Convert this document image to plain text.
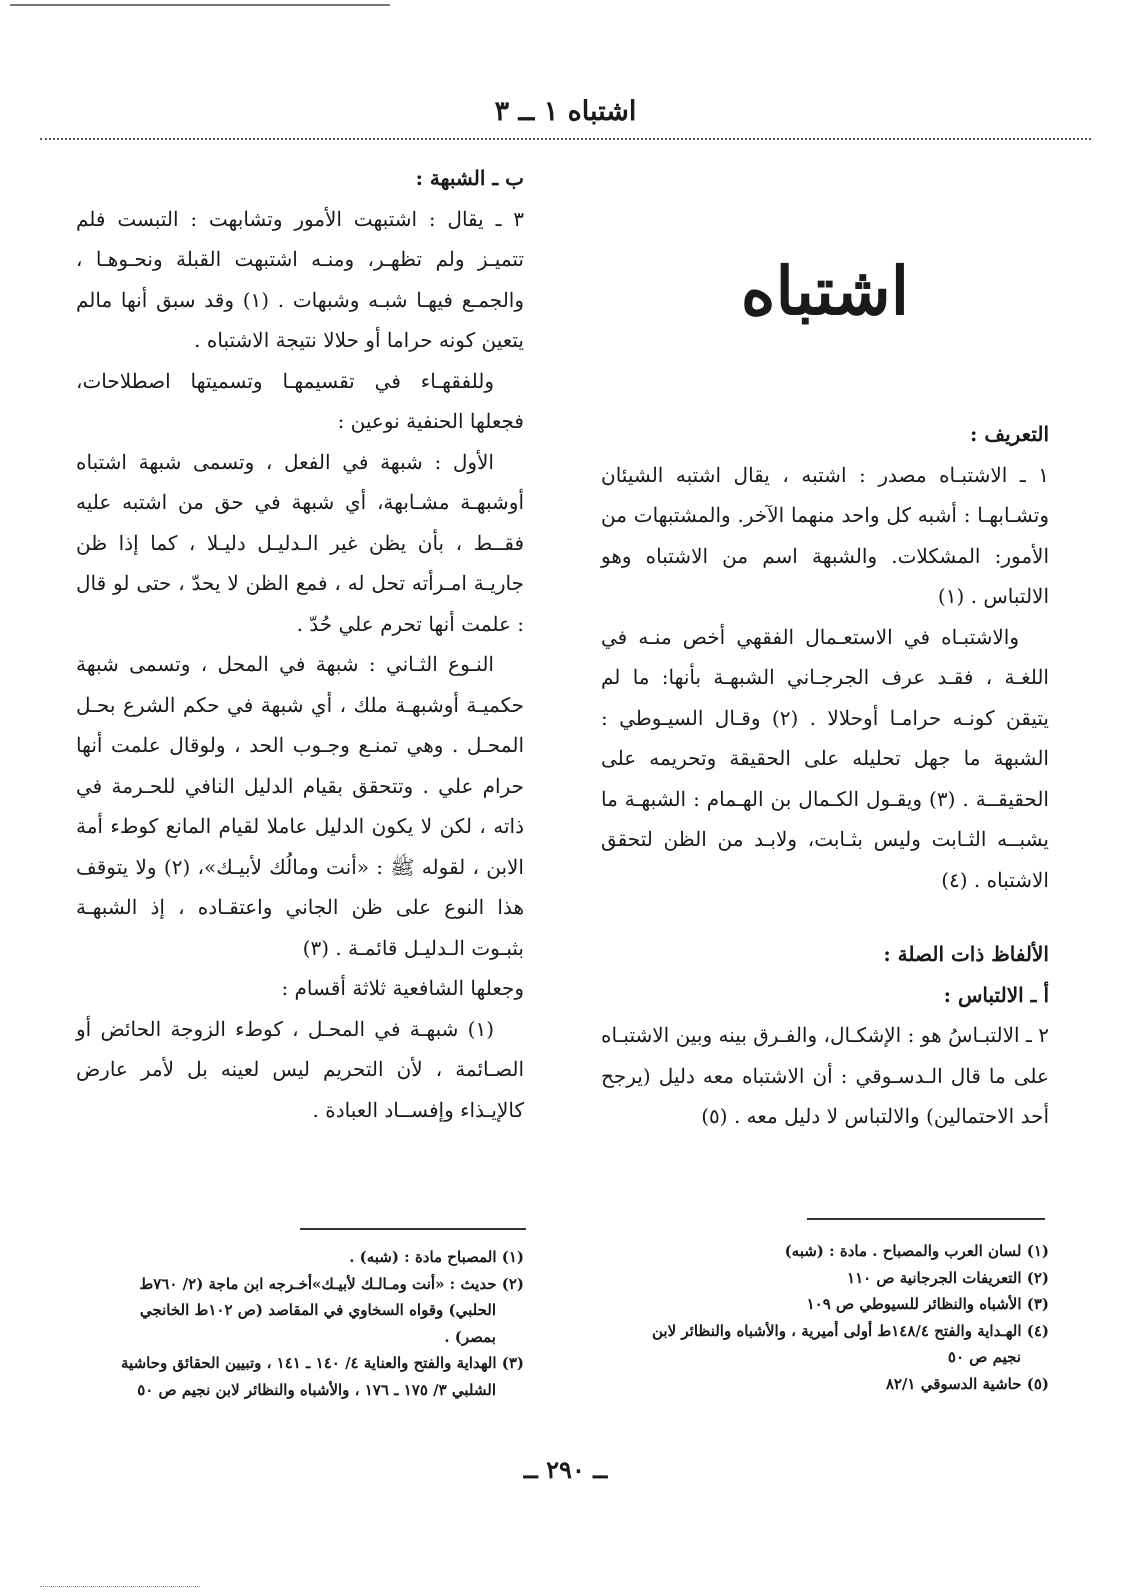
اشتباه ١ ــ ٣
اشتباه

التعريف :

١ ـ الاشتبـاه مصدر : اشتبه ، يقال اشتبه الشيئان وتشـابهـا : أشبه كل واحد منهما الآخر. والمشتبهات من الأمور: المشكلات. والشبهة اسم من الاشتباه وهو الالتباس . (١)

والاشتبـاه في الاستعـمال الفقهي أخص منـه في اللغـة ، فقـد عرف الجرجـاني الشبهـة بأنها: ما لم يتيقن كونـه حرامـا أوحلالا . (٢) وقـال السيـوطي : الشبهة ما جهل تحليله على الحقيقة وتحريمه على الحقيقــة . (٣) ويقـول الكـمال بن الهـمام : الشبهـة ما يشبــه الثـابت وليس بثـابت، ولابـد من الظن لتحقق الاشتباه . (٤)

الألفاظ ذات الصلة :

أ ـ الالتباس :

٢ ـ الالتبـاسُ هو : الإشكـال، والفـرق بينه وبين الاشتبـاه على ما قال الـدسـوقي : أن الاشتباه معه دليل (يرجح أحد الاحتمالين) والالتباس لا دليل معه . (٥)

ب ـ الشبهة :

٣ ـ يقال : اشتبهت الأمور وتشابهت : التبست فلم تتميـز ولم تظهـر، ومنـه اشتبهت القبلة ونحـوهـا ، والجمـع فيهـا شبـه وشبهات . (١) وقد سبق أنها مالم يتعين كونه حراما أو حلالا نتيجة الاشتباه .

وللفقهـاء في تقسيمهـا وتسميتها اصطلاحات، فجعلها الحنفية نوعين :

الأول : شبهة في الفعل ، وتسمى شبهة اشتباه أوشبهـة مشـابهة، أي شبهة في حق من اشتبه عليه فقــط ، بأن يظن غير الـدليـل دليـلا ، كما إذا ظن جاريـة امـرأته تحل له ، فمع الظن لا يحدّ ، حتى لو قال : علمت أنها تحرم علي حُدّ .

النـوع الثـاني : شبهة في المحل ، وتسمى شبهة حكميـة أوشبهـة ملك ، أي شبهة في حكم الشرع بحـل المحـل . وهي تمنـع وجـوب الحد ، ولوقال علمت أنها حرام علي . وتتحقق بقيام الدليل النافي للحـرمة في ذاته ، لكن لا يكون الدليل عاملا لقيام المانع كوطء أمة الابن ، لقوله ﷺ : «أنت ومالُك لأبيـك»، (٢) ولا يتوقف هذا النوع على ظن الجاني واعتقـاده ، إذ الشبهـة بثبـوت الـدليـل قائمـة . (٣)

وجعلها الشافعية ثلاثة أقسام :

(١) شبهـة في المحـل ، كوطء الزوجة الحائض أو الصـائمة ، لأن التحريم ليس لعينه بل لأمر عارض كالإيـذاء وإفســاد العبادة .

(١) لسان العرب والمصباح . مادة : (شبه)

(٢) التعريفات الجرجانية ص ١١٠

(٣) الأشباه والنظائر للسيوطي ص ١٠٩

(٤) الهـداية والفتح ١٤٨/٤ط أولى أميرية ، والأشباه والنظائر لابن

نجيم ص ٥٠

(٥) حاشية الدسوقي ٨٢/١

(١) المصباح مادة : (شبه) .

(٢) حديث : «أنت ومـالـك لأبيـك»أخـرجه ابن ماجة (٢/ ٧٦٠ط

الحلبي) وقواه السخاوي في المقاصد (ص ١٠٢ط الخانجي

بمصر) .

(٣) الهداية والفتح والعناية ٤/ ١٤٠ ـ ١٤١ ، وتبيين الحقائق وحاشية

الشلبي ٣/ ١٧٥ ـ ١٧٦ ، والأشباه والنظائر لابن نجيم ص ٥٠

ــ ٢٩٠ ــ
